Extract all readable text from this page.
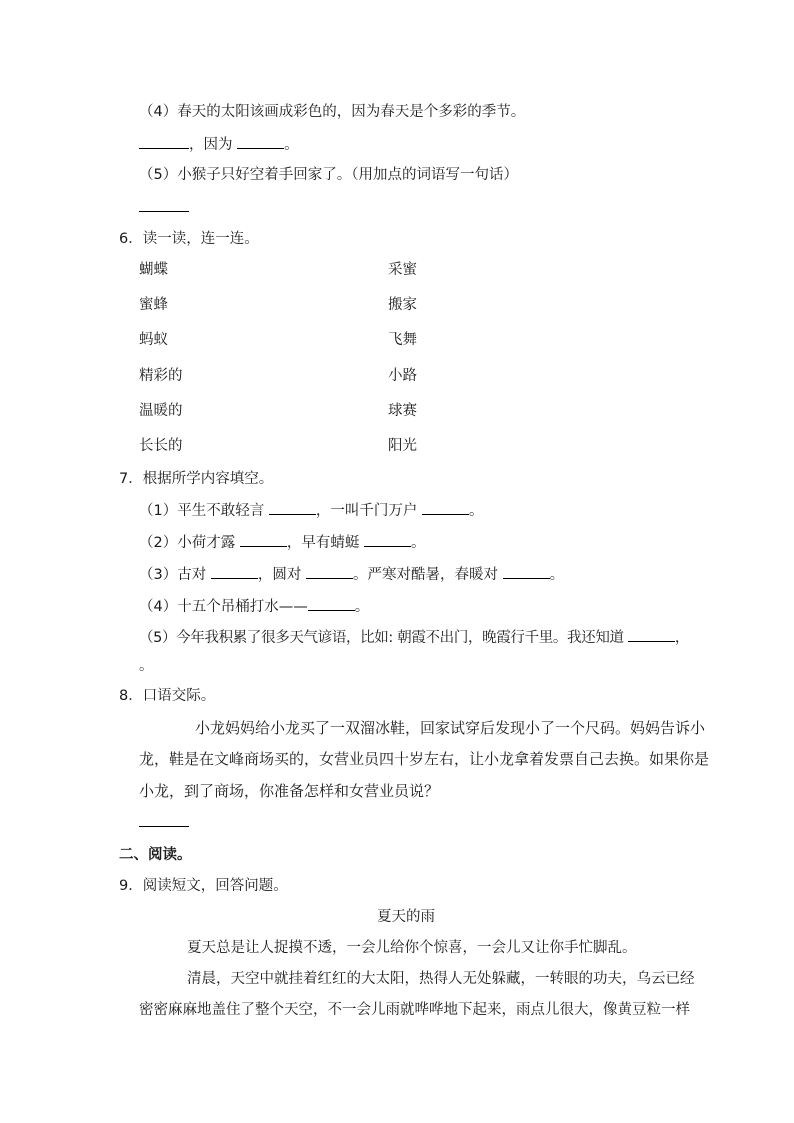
（4）春天的太阳该画成彩色的，因为春天是个多彩的季节。
，因为	。
（5）小猴子只好空着手回家了。（用加点的词语写一句话）
6．读一读，连一连。
蝴蝶	采蜜
蜜蜂	搬家
蚂蚁	飞舞
精彩的	小路
温暖的	球赛
长长的	阳光
7．根据所学内容填空。
（1）平生不敢轻言	，一叫千门万户	。
（2）小荷才露	，早有蜻蜓	。
（3）古对	，圆对	。严寒对酷暑，春暖对	。
（4）十五个吊桶打水——	。
（5）今年我积累了很多天气谚语，比如: 朝霞不出门，晚霞行千里。我还知道	，
。
8．口语交际。
小龙妈妈给小龙买了一双溜冰鞋，回家试穿后发现小了一个尺码。妈妈告诉小
龙，鞋是在文峰商场买的，女营业员四十岁左右，让小龙拿着发票自己去换。如果你是
小龙，到了商场，你准备怎样和女营业员说？
二、阅读。
9．阅读短文，回答问题。
夏天的雨
夏天总是让人捉摸不透，一会儿给你个惊喜，一会儿又让你手忙脚乱。
清晨，天空中就挂着红红的大太阳，热得人无处躲藏，一转眼的功夫，乌云已经
密密麻麻地盖住了整个天空，不一会儿雨就哗哗地下起来，雨点儿很大，像黄豆粒一样
